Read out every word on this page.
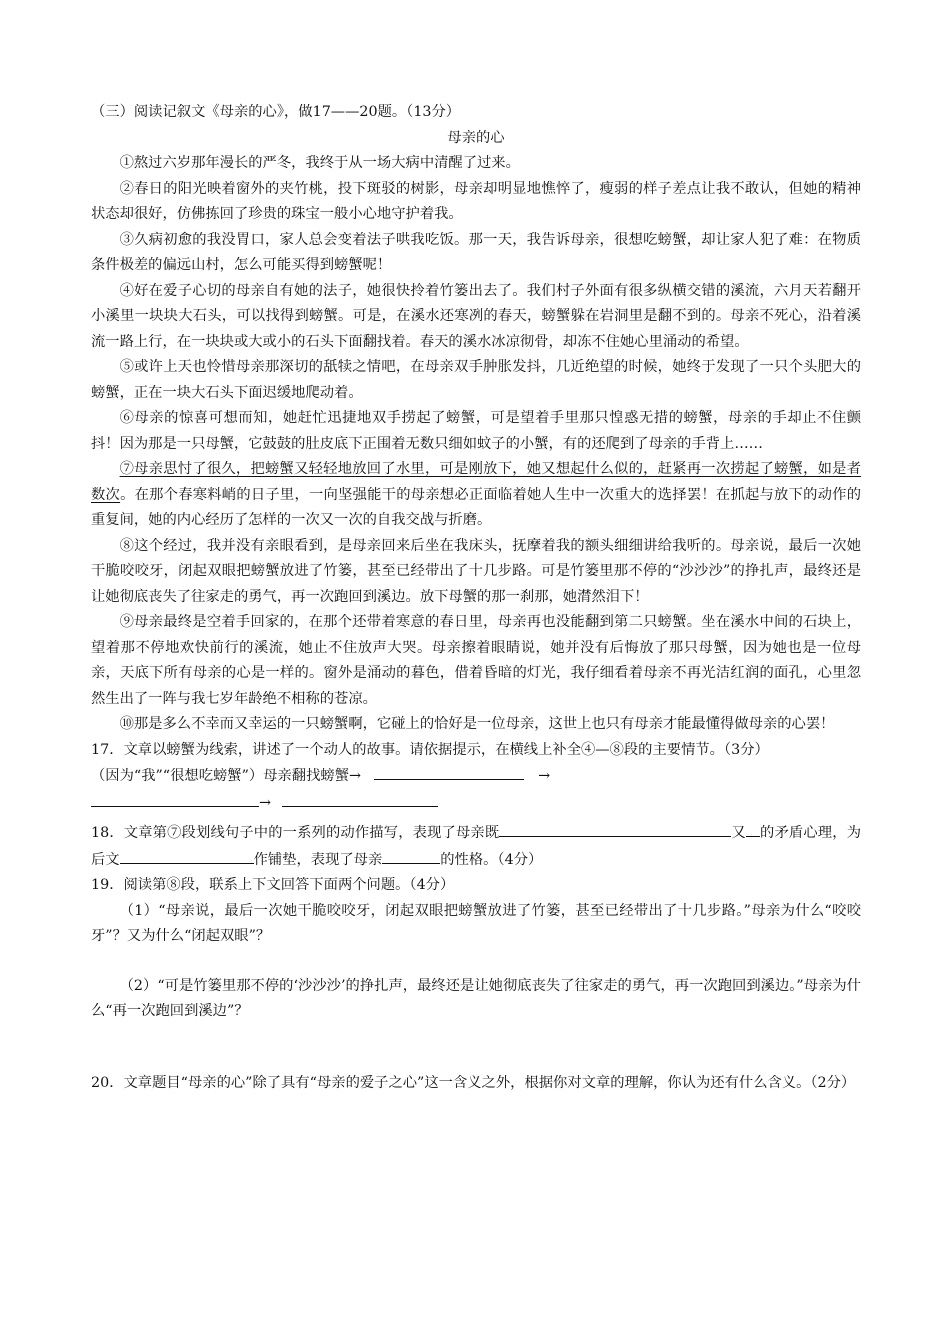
（三）阅读记叙文《母亲的心》，做17——20题。（13分）

母亲的心

①熬过六岁那年漫长的严冬，我终于从一场大病中清醒了过来。

②春日的阳光映着窗外的夹竹桃，投下斑驳的树影，母亲却明显地憔悴了，瘦弱的样子差点让我不敢认，但她的精神状态却很好，仿佛拣回了珍贵的珠宝一般小心地守护着我。

③久病初愈的我没胃口，家人总会变着法子哄我吃饭。那一天，我告诉母亲，很想吃螃蟹，却让家人犯了难：在物质条件极差的偏远山村，怎么可能买得到螃蟹呢！

④好在爱子心切的母亲自有她的法子，她很快拎着竹篓出去了。我们村子外面有很多纵横交错的溪流，六月天若翻开小溪里一块块大石头，可以找得到螃蟹。可是，在溪水还寒冽的春天，螃蟹躲在岩洞里是翻不到的。母亲不死心，沿着溪流一路上行，在一块块或大或小的石头下面翻找着。春天的溪水冰凉彻骨，却冻不住她心里涌动的希望。

⑤或许上天也怜惜母亲那深切的舐犊之情吧，在母亲双手肿胀发抖，几近绝望的时候，她终于发现了一只个头肥大的螃蟹，正在一块大石头下面迟缓地爬动着。

⑥母亲的惊喜可想而知，她赶忙迅捷地双手捞起了螃蟹，可是望着手里那只惶惑无措的螃蟹，母亲的手却止不住颤抖！因为那是一只母蟹，它鼓鼓的肚皮底下正围着无数只细如蚊子的小蟹，有的还爬到了母亲的手背上……

⑦母亲思忖了很久，把螃蟹又轻轻地放回了水里，可是刚放下，她又想起什么似的，赶紧再一次捞起了螃蟹，如是者数次。在那个春寒料峭的日子里，一向坚强能干的母亲想必正面临着她人生中一次重大的选择罢！在抓起与放下的动作的重复间，她的内心经历了怎样的一次又一次的自我交战与折磨。

⑧这个经过，我并没有亲眼看到，是母亲回来后坐在我床头，抚摩着我的额头细细讲给我听的。母亲说，最后一次她干脆咬咬牙，闭起双眼把螃蟹放进了竹篓，甚至已经带出了十几步路。可是竹篓里那不停的“沙沙沙”的挣扎声，最终还是让她彻底丧失了往家走的勇气，再一次跑回到溪边。放下母蟹的那一刹那，她潸然泪下！

⑨母亲最终是空着手回家的，在那个还带着寒意的春日里，母亲再也没能翻到第二只螃蟹。坐在溪水中间的石块上，望着那不停地欢快前行的溪流，她止不住放声大哭。母亲擦着眼睛说，她并没有后悔放了那只母蟹，因为她也是一位母亲，天底下所有母亲的心是一样的。窗外是涌动的暮色，借着昏暗的灯光，我仔细看着母亲不再光洁红润的面孔，心里忽然生出了一阵与我七岁年龄绝不相称的苍凉。

⑩那是多么不幸而又幸运的一只螃蟹啊，它碰上的恰好是一位母亲，这世上也只有母亲才能最懂得做母亲的心罢！

17．文章以螃蟹为线索，讲述了一个动人的故事。请依据提示，在横线上补全④—⑧段的主要情节。（3分）

（因为“我”“很想吃螃蟹”）母亲翻找螃蟹→	→

→

18．文章第⑦段划线句子中的一系列的动作描写，表现了母亲既	又 的矛盾心理，为后文	作铺垫，表现了母亲	的性格。（4分）

19．阅读第⑧段，联系上下文回答下面两个问题。（4分）

（1）“母亲说，最后一次她干脆咬咬牙，闭起双眼把螃蟹放进了竹篓，甚至已经带出了十几步路。”母亲为什么“咬咬牙”？又为什么“闭起双眼”？

（2）“可是竹篓里那不停的‘沙沙沙’的挣扎声，最终还是让她彻底丧失了往家走的勇气，再一次跑回到溪边。”母亲为什么“再一次跑回到溪边”？

20．文章题目“母亲的心”除了具有“母亲的爱子之心”这一含义之外，根据你对文章的理解，你认为还有什么含义。（2分）
